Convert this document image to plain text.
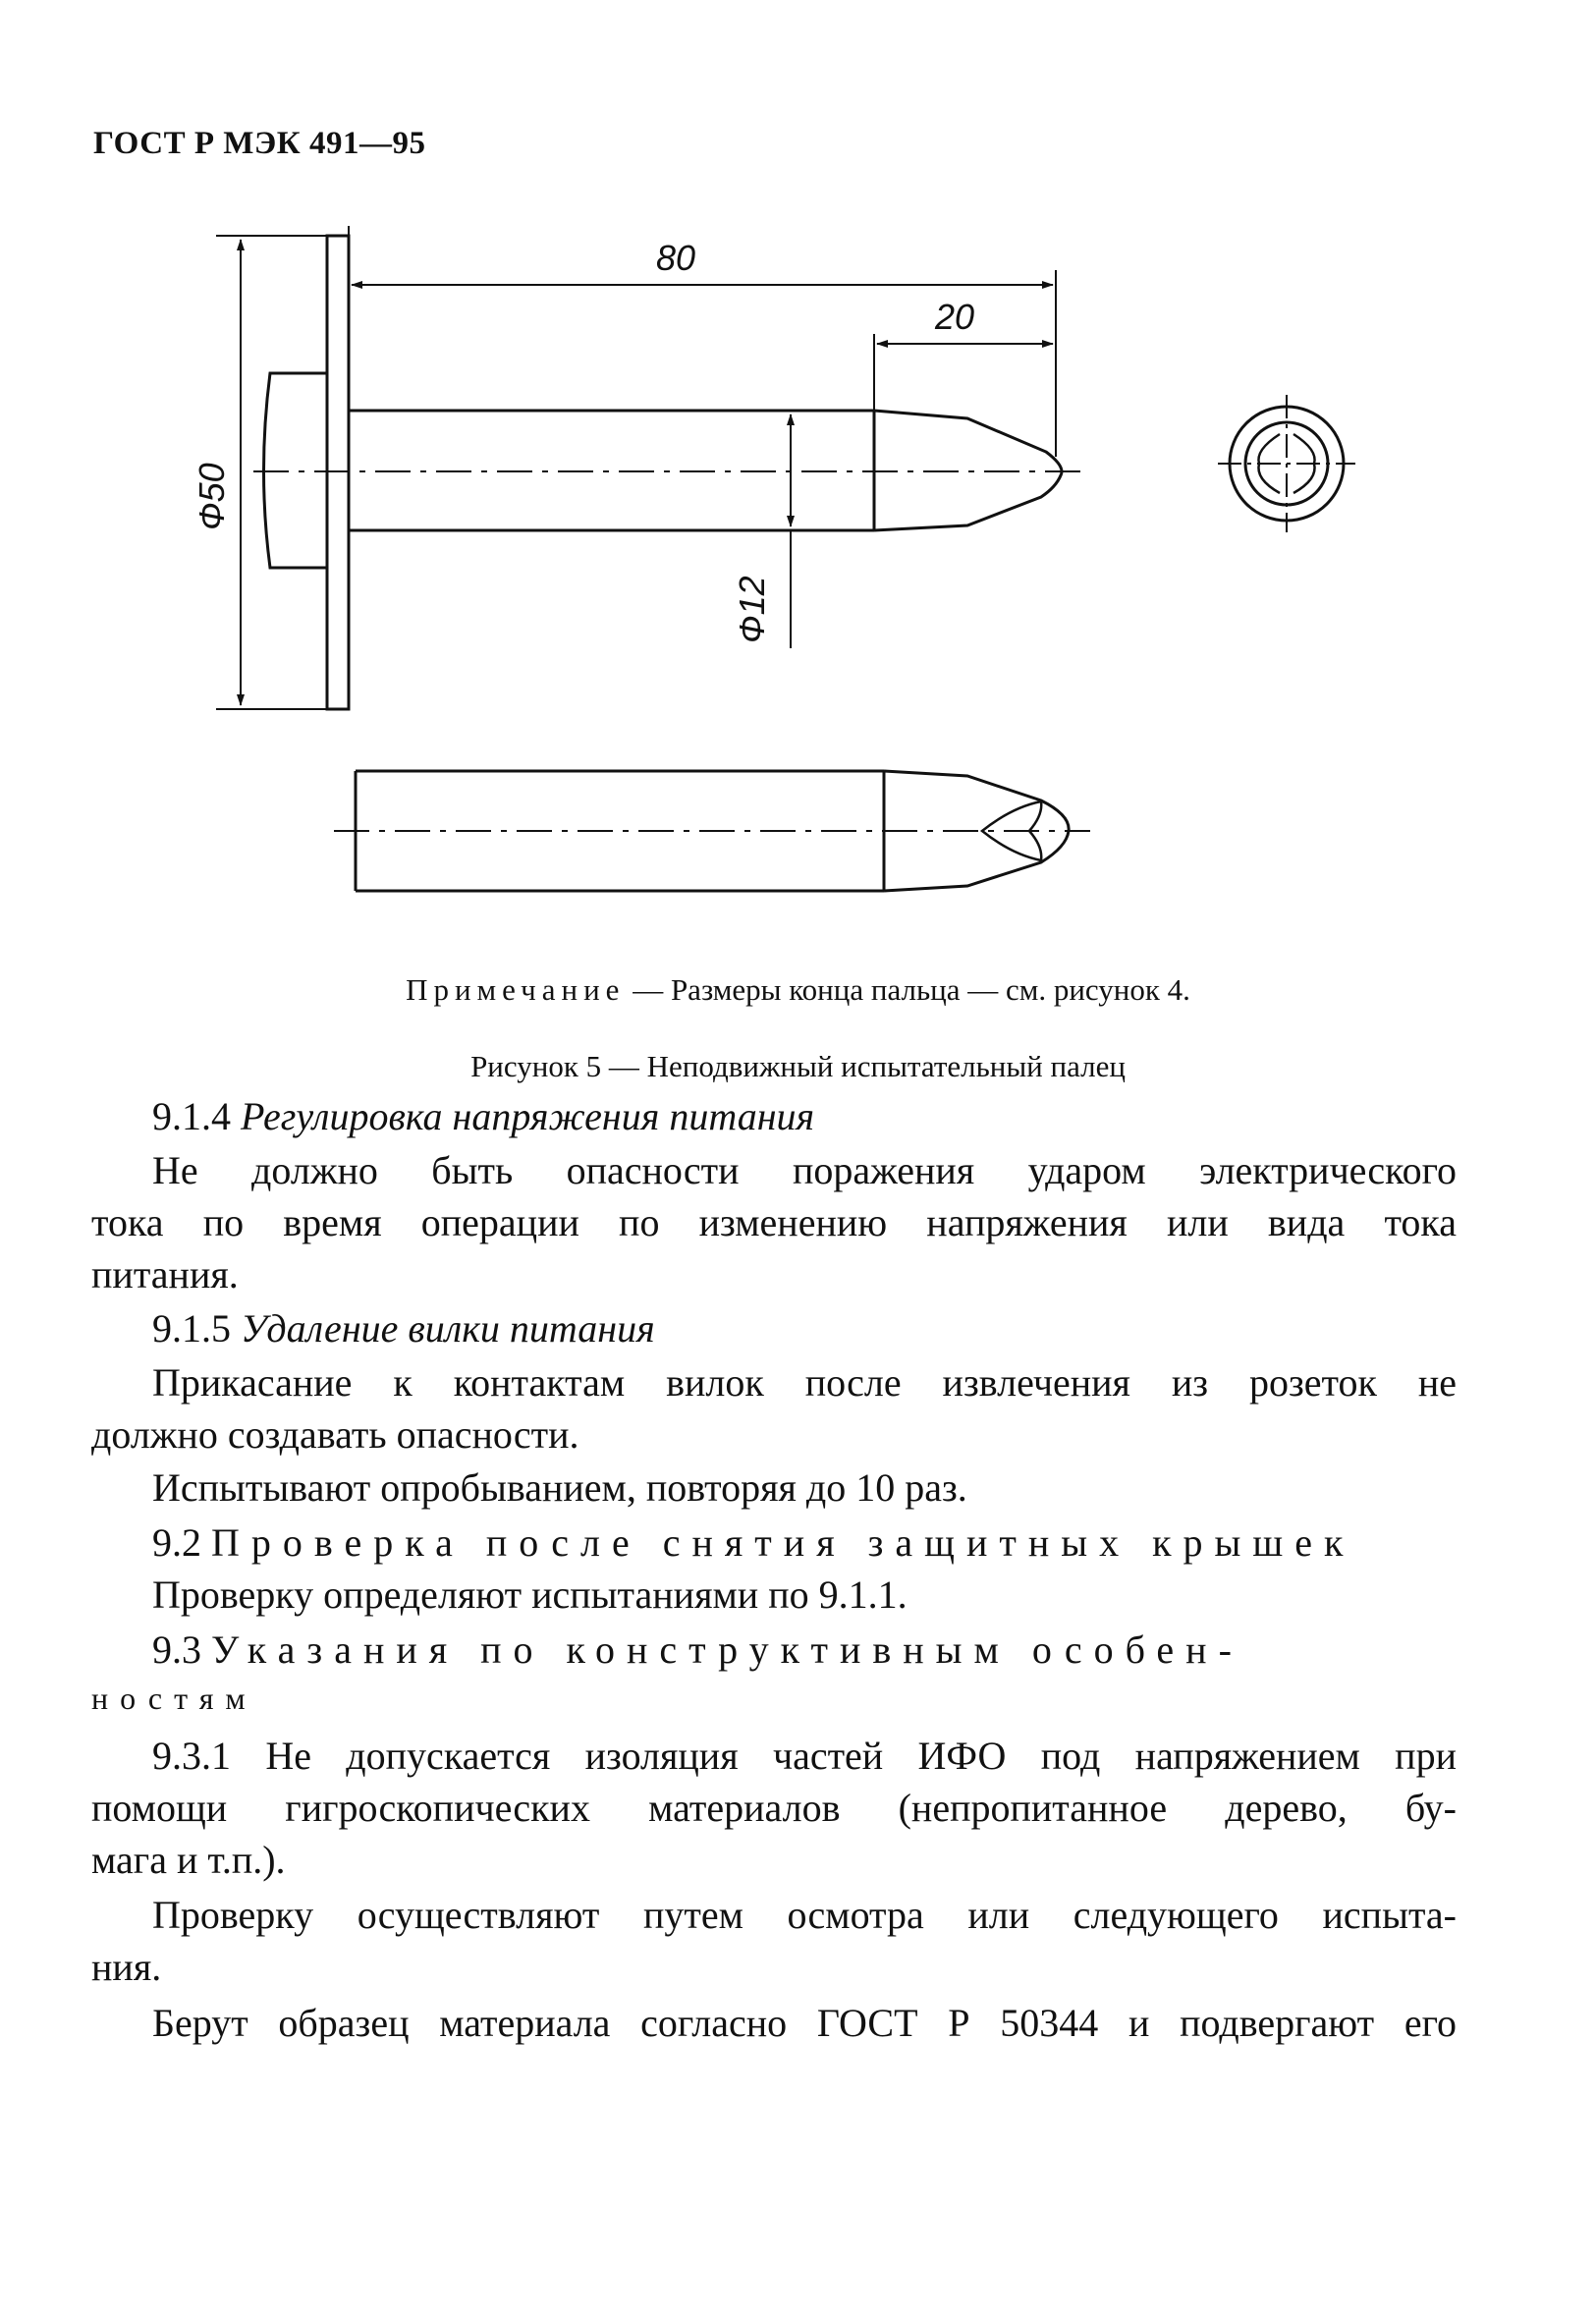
ГОСТ Р МЭК 491—95
80
20
Ф50
Ф12
Примечание — Размеры конца пальца — см. рисунок 4.
Рисунок 5 — Неподвижный испытательный палец
9.1.4 Регулировка напряжения питания
Не должно быть опасности поражения ударом электрического
тока по время операции по изменению напряжения или вида тока
питания.
9.1.5 Удаление вилки питания
Прикасание к контактам вилок после извлечения из розеток не
должно создавать опасности.
Испытывают опробыванием, повторяя до 10 раз.
9.2 Проверка после снятия защитных крышек
Проверку определяют испытаниями по 9.1.1.
9.3 Указания по конструктивным особен-
ностям
9.3.1 Не допускается изоляция частей ИФО под напряжением при
помощи гигроскопических материалов (непропитанное дерево, бу-
мага и т.п.).
Проверку осуществляют путем осмотра или следующего испыта-
ния.
Берут образец материала согласно ГОСТ Р 50344 и подвергают его
